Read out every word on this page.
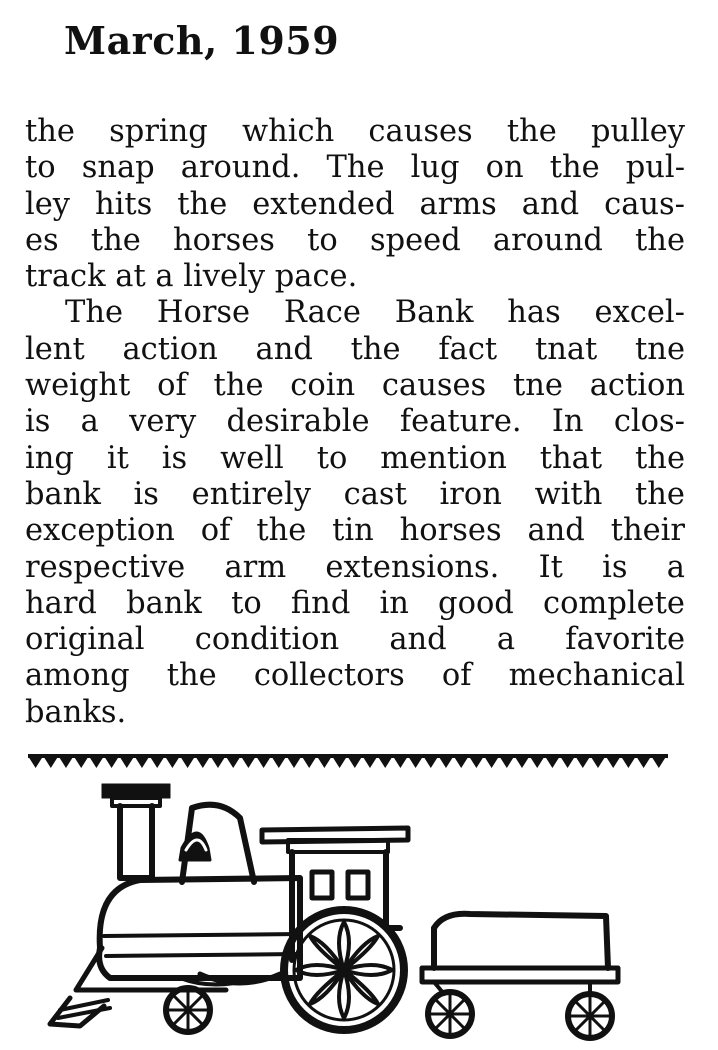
March, 1959

the spring which causes the pulley
to snap around. The lug on the pul-
ley hits the extended arms and caus-
es the horses to speed around the
track at a lively pace.

The Horse Race Bank has excel-
lent action and the fact tnat tne
weight of the coin causes tne action
is a very desirable feature. In clos-
ing it is well to mention that the
bank is entirely cast iron with the
exception of the tin horses and their
respective arm extensions. It is a
hard bank to find in good complete
original condition and a favorite
among the collectors of mechanical
banks.
